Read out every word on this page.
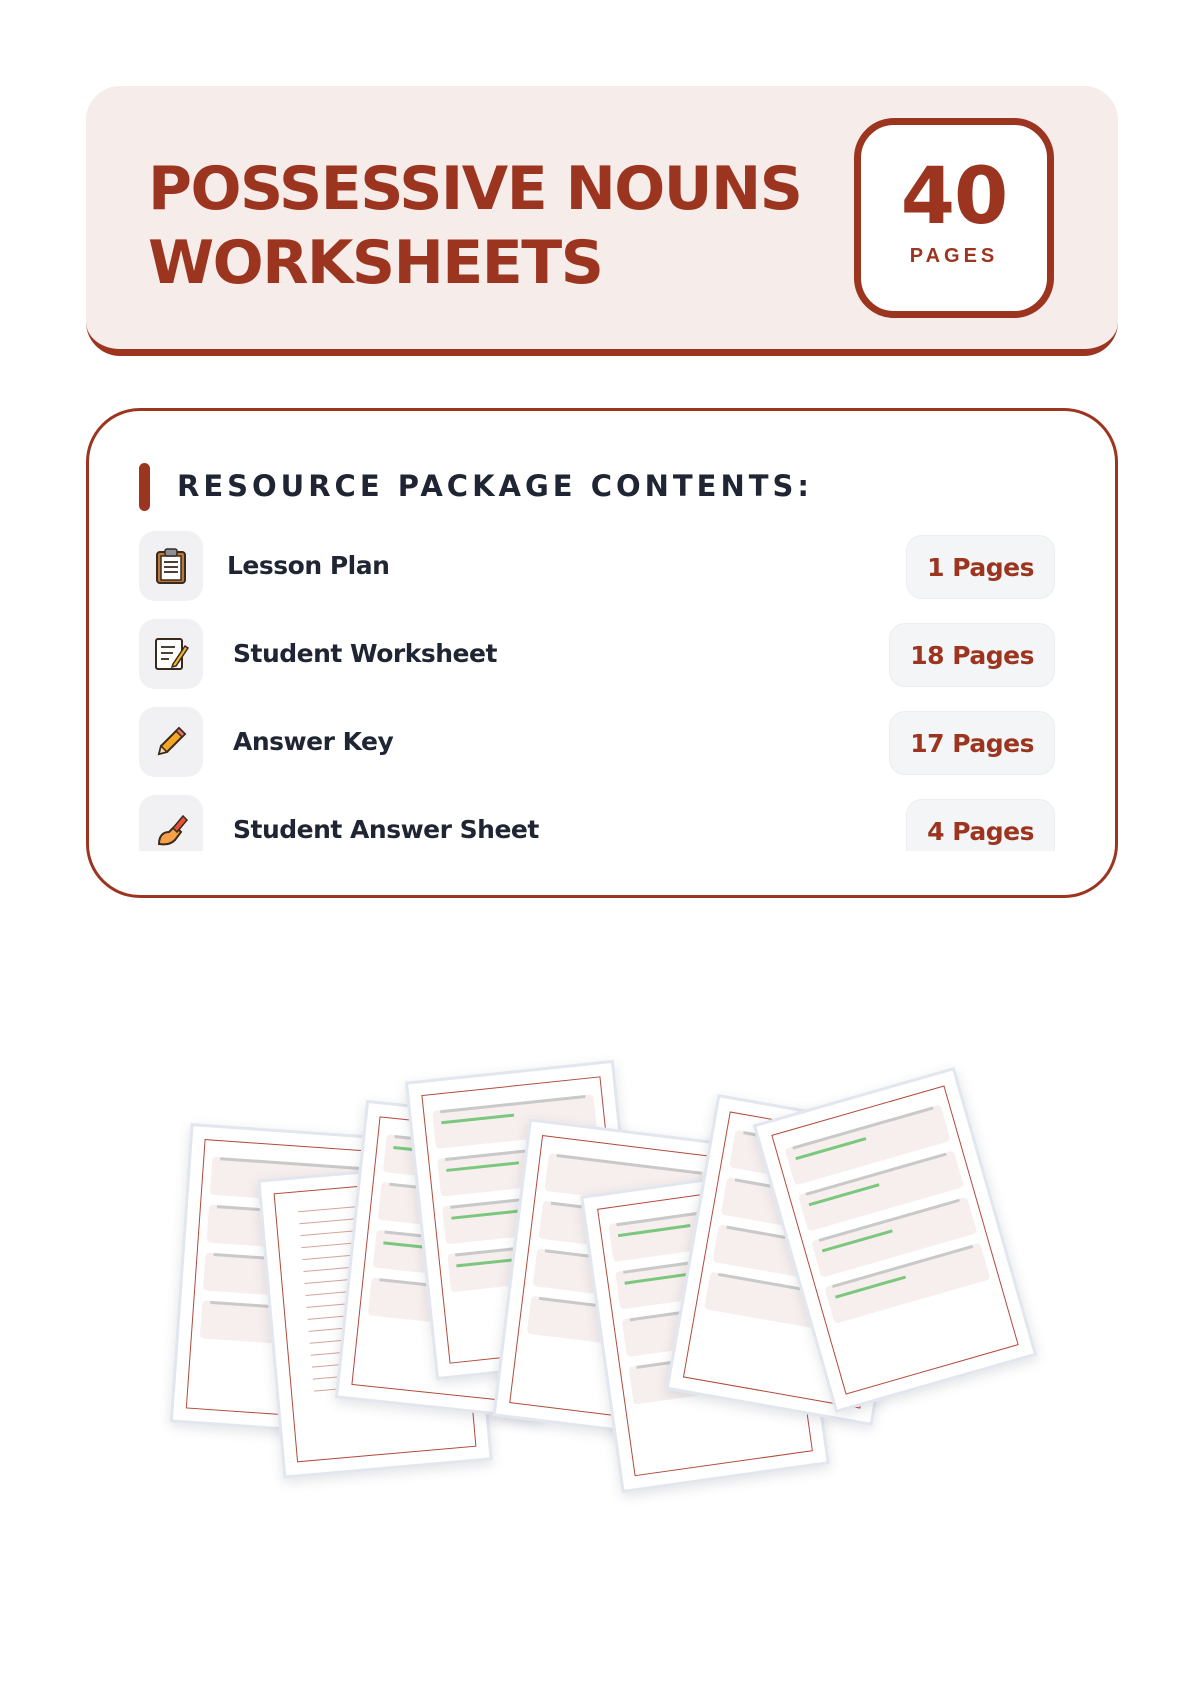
POSSESSIVE NOUNS
WORKSHEETS
40
PAGES
RESOURCE PACKAGE CONTENTS:
Lesson Plan	1 Pages
Student Worksheet	18 Pages
Answer Key	17 Pages
Student Answer Sheet	4 Pages
